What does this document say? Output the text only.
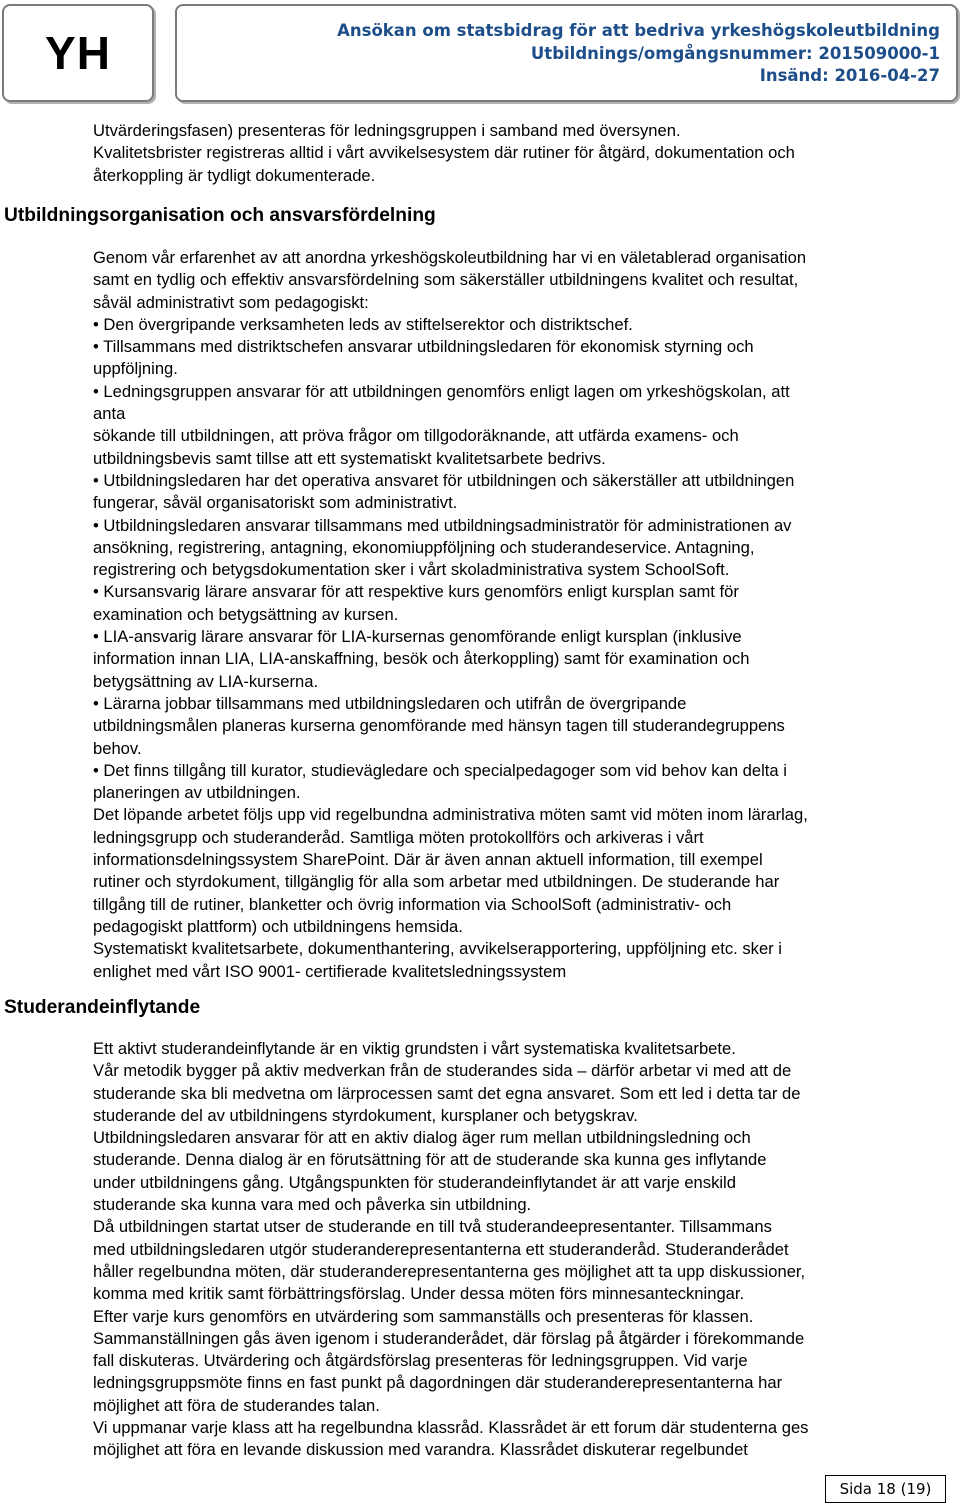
YH	Ansökan om statsbidrag för att bedriva yrkeshögskoleutbildning
Utbildnings/omgångsnummer: 201509000-1
Insänd: 2016-04-27

Utvärderingsfasen) presenteras för ledningsgruppen i samband med översynen.

Kvalitetsbrister registreras alltid i vårt avvikelsesystem där rutiner för åtgärd, dokumentation och

återkoppling är tydligt dokumenterade.

Utbildningsorganisation och ansvarsfördelning

Genom vår erfarenhet av att anordna yrkeshögskoleutbildning har vi en väletablerad organisation

samt en tydlig och effektiv ansvarsfördelning som säkerställer utbildningens kvalitet och resultat,

såväl administrativt som pedagogiskt:

• Den övergripande verksamheten leds av stiftelserektor och distriktschef.

• Tillsammans med distriktschefen ansvarar utbildningsledaren för ekonomisk styrning och

uppföljning.

• Ledningsgruppen ansvarar för att utbildningen genomförs enligt lagen om yrkeshögskolan, att

anta

sökande till utbildningen, att pröva frågor om tillgodoräknande, att utfärda examens- och

utbildningsbevis samt tillse att ett systematiskt kvalitetsarbete bedrivs.

• Utbildningsledaren har det operativa ansvaret för utbildningen och säkerställer att utbildningen

fungerar, såväl organisatoriskt som administrativt.

• Utbildningsledaren ansvarar tillsammans med utbildningsadministratör för administrationen av

ansökning, registrering, antagning, ekonomiuppföljning och studerandeservice. Antagning,

registrering och betygsdokumentation sker i vårt skoladministrativa system SchoolSoft.

• Kursansvarig lärare ansvarar för att respektive kurs genomförs enligt kursplan samt för

examination och betygsättning av kursen.

• LIA-ansvarig lärare ansvarar för LIA-kursernas genomförande enligt kursplan (inklusive

information innan LIA, LIA-anskaffning, besök och återkoppling) samt för examination och

betygsättning av LIA-kurserna.

• Lärarna jobbar tillsammans med utbildningsledaren och utifrån de övergripande

utbildningsmålen planeras kurserna genomförande med hänsyn tagen till studerandegruppens

behov.

• Det finns tillgång till kurator, studievägledare och specialpedagoger som vid behov kan delta i

planeringen av utbildningen.

Det löpande arbetet följs upp vid regelbundna administrativa möten samt vid möten inom lärarlag,

ledningsgrupp och studeranderåd. Samtliga möten protokollförs och arkiveras i vårt

informationsdelningssystem SharePoint. Där är även annan aktuell information, till exempel

rutiner och styrdokument, tillgänglig för alla som arbetar med utbildningen. De studerande har

tillgång till de rutiner, blanketter och övrig information via SchoolSoft (administrativ- och

pedagogiskt plattform) och utbildningens hemsida.

Systematiskt kvalitetsarbete, dokumenthantering, avvikelserapportering, uppföljning etc. sker i

enlighet med vårt ISO 9001- certifierade kvalitetsledningssystem

Studerandeinflytande

Ett aktivt studerandeinflytande är en viktig grundsten i vårt systematiska kvalitetsarbete.

Vår metodik bygger på aktiv medverkan från de studerandes sida – därför arbetar vi med att de

studerande ska bli medvetna om lärprocessen samt det egna ansvaret. Som ett led i detta tar de

studerande del av utbildningens styrdokument, kursplaner och betygskrav.

Utbildningsledaren ansvarar för att en aktiv dialog äger rum mellan utbildningsledning och

studerande. Denna dialog är en förutsättning för att de studerande ska kunna ges inflytande

under utbildningens gång. Utgångspunkten för studerandeinflytandet är att varje enskild

studerande ska kunna vara med och påverka sin utbildning.

Då utbildningen startat utser de studerande en till två studerandeepresentanter. Tillsammans

med utbildningsledaren utgör studeranderepresentanterna ett studeranderåd. Studeranderådet

håller regelbundna möten, där studeranderepresentanterna ges möjlighet att ta upp diskussioner,

komma med kritik samt förbättringsförslag. Under dessa möten förs minnesanteckningar.

Efter varje kurs genomförs en utvärdering som sammanställs och presenteras för klassen.

Sammanställningen gås även igenom i studeranderådet, där förslag på åtgärder i förekommande

fall diskuteras. Utvärdering och åtgärdsförslag presenteras för ledningsgruppen. Vid varje

ledningsgruppsmöte finns en fast punkt på dagordningen där studeranderepresentanterna har

möjlighet att föra de studerandes talan.

Vi uppmanar varje klass att ha regelbundna klassråd. Klassrådet är ett forum där studenterna ges

möjlighet att föra en levande diskussion med varandra. Klassrådet diskuterar regelbundet

Sida 18 (19)
